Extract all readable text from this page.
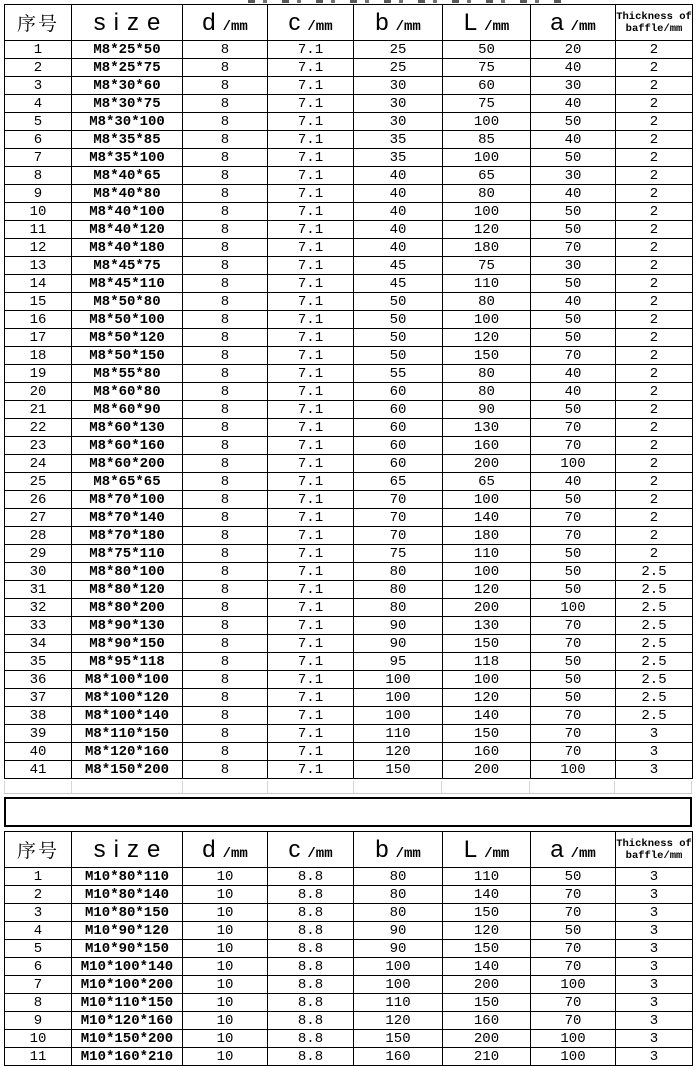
序号	size	d /mm	c /mm	b /mm	L /mm	a /mm	Thickness of
baffle/mm

1	M8*25*50	8	7.1	25	50	20	2
2	M8*25*75	8	7.1	25	75	40	2
3	M8*30*60	8	7.1	30	60	30	2
4	M8*30*75	8	7.1	30	75	40	2
5	M8*30*100	8	7.1	30	100	50	2
6	M8*35*85	8	7.1	35	85	40	2
7	M8*35*100	8	7.1	35	100	50	2
8	M8*40*65	8	7.1	40	65	30	2
9	M8*40*80	8	7.1	40	80	40	2
10	M8*40*100	8	7.1	40	100	50	2
11	M8*40*120	8	7.1	40	120	50	2
12	M8*40*180	8	7.1	40	180	70	2
13	M8*45*75	8	7.1	45	75	30	2
14	M8*45*110	8	7.1	45	110	50	2
15	M8*50*80	8	7.1	50	80	40	2
16	M8*50*100	8	7.1	50	100	50	2
17	M8*50*120	8	7.1	50	120	50	2
18	M8*50*150	8	7.1	50	150	70	2
19	M8*55*80	8	7.1	55	80	40	2
20	M8*60*80	8	7.1	60	80	40	2
21	M8*60*90	8	7.1	60	90	50	2
22	M8*60*130	8	7.1	60	130	70	2
23	M8*60*160	8	7.1	60	160	70	2
24	M8*60*200	8	7.1	60	200	100	2
25	M8*65*65	8	7.1	65	65	40	2
26	M8*70*100	8	7.1	70	100	50	2
27	M8*70*140	8	7.1	70	140	70	2
28	M8*70*180	8	7.1	70	180	70	2
29	M8*75*110	8	7.1	75	110	50	2
30	M8*80*100	8	7.1	80	100	50	2.5
31	M8*80*120	8	7.1	80	120	50	2.5
32	M8*80*200	8	7.1	80	200	100	2.5
33	M8*90*130	8	7.1	90	130	70	2.5
34	M8*90*150	8	7.1	90	150	70	2.5
35	M8*95*118	8	7.1	95	118	50	2.5
36	M8*100*100	8	7.1	100	100	50	2.5
37	M8*100*120	8	7.1	100	120	50	2.5
38	M8*100*140	8	7.1	100	140	70	2.5
39	M8*110*150	8	7.1	110	150	70	3
40	M8*120*160	8	7.1	120	160	70	3
41	M8*150*200	8	7.1	150	200	100	3
序号	size	d /mm	c /mm	b /mm	L /mm	a /mm	Thickness of
baffle/mm

1	M10*80*110	10	8.8	80	110	50	3
2	M10*80*140	10	8.8	80	140	70	3
3	M10*80*150	10	8.8	80	150	70	3
4	M10*90*120	10	8.8	90	120	50	3
5	M10*90*150	10	8.8	90	150	70	3
6	M10*100*140	10	8.8	100	140	70	3
7	M10*100*200	10	8.8	100	200	100	3
8	M10*110*150	10	8.8	110	150	70	3
9	M10*120*160	10	8.8	120	160	70	3
10	M10*150*200	10	8.8	150	200	100	3
11	M10*160*210	10	8.8	160	210	100	3
